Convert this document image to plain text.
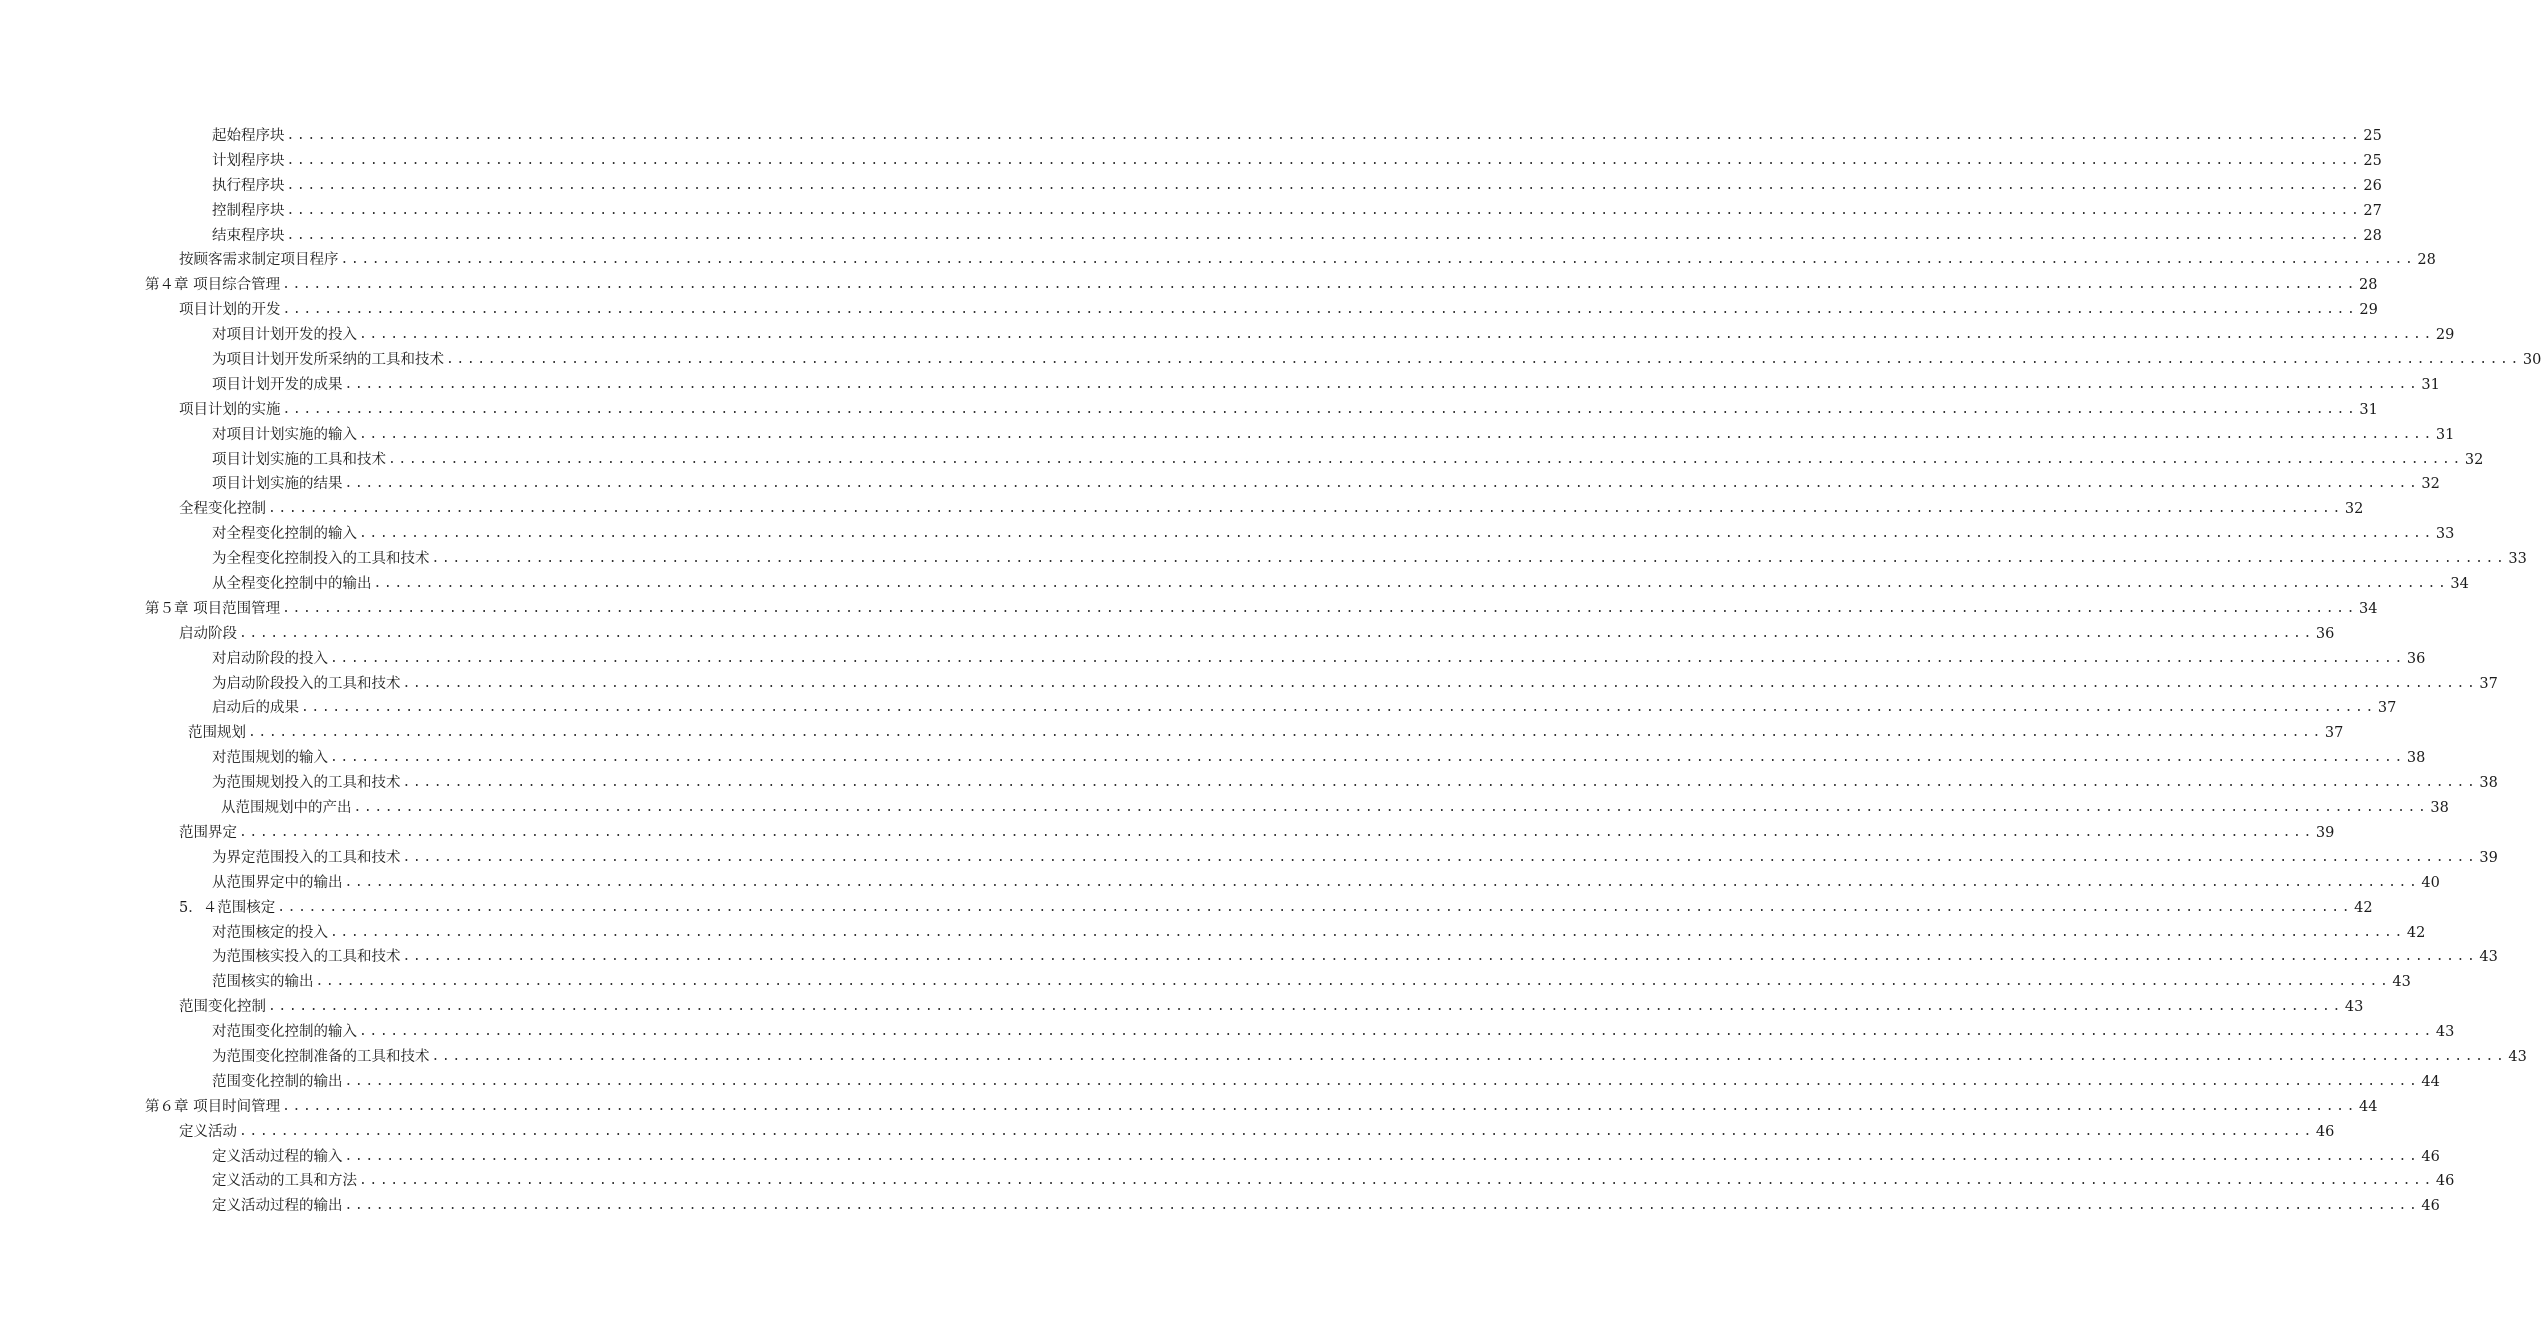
起始程序块 ....................................................................................................................................................................................................... 25
计划程序块 ....................................................................................................................................................................................................... 25
执行程序块 ....................................................................................................................................................................................................... 26
控制程序块 ....................................................................................................................................................................................................... 27
结束程序块 ....................................................................................................................................................................................................... 28
按顾客需求制定项目程序 ....................................................................................................................................................................................................... 28
第４章 项目综合管理 ....................................................................................................................................................................................................... 28
项目计划的开发 ....................................................................................................................................................................................................... 29
对项目计划开发的投入 ....................................................................................................................................................................................................... 29
为项目计划开发所采纳的工具和技术 ....................................................................................................................................................................................................... 30
项目计划开发的成果 ....................................................................................................................................................................................................... 31
项目计划的实施 ....................................................................................................................................................................................................... 31
对项目计划实施的输入 ....................................................................................................................................................................................................... 31
项目计划实施的工具和技术 ....................................................................................................................................................................................................... 32
项目计划实施的结果 ....................................................................................................................................................................................................... 32
全程变化控制 ....................................................................................................................................................................................................... 32
对全程变化控制的输入 ....................................................................................................................................................................................................... 33
为全程变化控制投入的工具和技术 ....................................................................................................................................................................................................... 33
从全程变化控制中的输出 ....................................................................................................................................................................................................... 34
第５章 项目范围管理 ....................................................................................................................................................................................................... 34
启动阶段 ....................................................................................................................................................................................................... 36
对启动阶段的投入 ....................................................................................................................................................................................................... 36
为启动阶段投入的工具和技术 ....................................................................................................................................................................................................... 37
启动后的成果 ....................................................................................................................................................................................................... 37
范围规划 ....................................................................................................................................................................................................... 37
对范围规划的输入 ....................................................................................................................................................................................................... 38
为范围规划投入的工具和技术 ....................................................................................................................................................................................................... 38
从范围规划中的产出 ....................................................................................................................................................................................................... 38
范围界定 ....................................................................................................................................................................................................... 39
为界定范围投入的工具和技术 ....................................................................................................................................................................................................... 39
从范围界定中的输出 ....................................................................................................................................................................................................... 40
5．４范围核定 ....................................................................................................................................................................................................... 42
对范围核定的投入 ....................................................................................................................................................................................................... 42
为范围核实投入的工具和技术 ....................................................................................................................................................................................................... 43
范围核实的输出 ....................................................................................................................................................................................................... 43
范围变化控制 ....................................................................................................................................................................................................... 43
对范围变化控制的输入 ....................................................................................................................................................................................................... 43
为范围变化控制准备的工具和技术 ....................................................................................................................................................................................................... 43
范围变化控制的输出 ....................................................................................................................................................................................................... 44
第６章 项目时间管理 ....................................................................................................................................................................................................... 44
定义活动 ....................................................................................................................................................................................................... 46
定义活动过程的输入 ....................................................................................................................................................................................................... 46
定义活动的工具和方法 ....................................................................................................................................................................................................... 46
定义活动过程的输出 ....................................................................................................................................................................................................... 46
